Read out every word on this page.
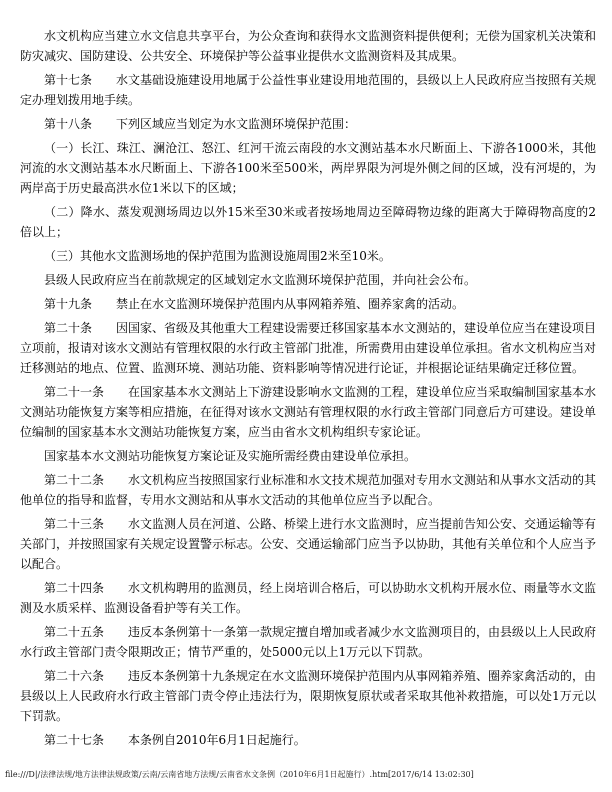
水文机构应当建立水文信息共享平台，为公众查询和获得水文监测资料提供便利；无偿为国家机关决策和防灾减灾、国防建设、公共安全、环境保护等公益事业提供水文监测资料及其成果。

第十七条　　水文基础设施建设用地属于公益性事业建设用地范围的，县级以上人民政府应当按照有关规定办理划拨用地手续。

第十八条　　下列区域应当划定为水文监测环境保护范围：

（一）长江、珠江、澜沧江、怒江、红河干流云南段的水文测站基本水尺断面上、下游各1000米，其他河流的水文测站基本水尺断面上、下游各100米至500米，两岸界限为河堤外侧之间的区域，没有河堤的，为两岸高于历史最高洪水位1米以下的区域；

（二）降水、蒸发观测场周边以外15米至30米或者按场地周边至障碍物边缘的距离大于障碍物高度的2倍以上；

（三）其他水文监测场地的保护范围为监测设施周围2米至10米。

县级人民政府应当在前款规定的区域划定水文监测环境保护范围，并向社会公布。

第十九条　　禁止在水文监测环境保护范围内从事网箱养殖、圈养家禽的活动。

第二十条　　因国家、省级及其他重大工程建设需要迁移国家基本水文测站的，建设单位应当在建设项目立项前，报请对该水文测站有管理权限的水行政主管部门批准，所需费用由建设单位承担。省水文机构应当对迁移测站的地点、位置、监测环境、测站功能、资料影响等情况进行论证，并根据论证结果确定迁移位置。

第二十一条　　在国家基本水文测站上下游建设影响水文监测的工程，建设单位应当采取编制国家基本水文测站功能恢复方案等相应措施，在征得对该水文测站有管理权限的水行政主管部门同意后方可建设。建设单位编制的国家基本水文测站功能恢复方案，应当由省水文机构组织专家论证。

国家基本水文测站功能恢复方案论证及实施所需经费由建设单位承担。

第二十二条　　水文机构应当按照国家行业标准和水文技术规范加强对专用水文测站和从事水文活动的其他单位的指导和监督，专用水文测站和从事水文活动的其他单位应当予以配合。

第二十三条　　水文监测人员在河道、公路、桥梁上进行水文监测时，应当提前告知公安、交通运输等有关部门，并按照国家有关规定设置警示标志。公安、交通运输部门应当予以协助，其他有关单位和个人应当予以配合。

第二十四条　　水文机构聘用的监测员，经上岗培训合格后，可以协助水文机构开展水位、雨量等水文监测及水质采样、监测设备看护等有关工作。

第二十五条　　违反本条例第十一条第一款规定擅自增加或者减少水文监测项目的，由县级以上人民政府水行政主管部门责令限期改正；情节严重的，处5000元以上1万元以下罚款。

第二十六条　　违反本条例第十九条规定在水文监测环境保护范围内从事网箱养殖、圈养家禽活动的，由县级以上人民政府水行政主管部门责令停止违法行为，限期恢复原状或者采取其他补救措施，可以处1万元以下罚款。

第二十七条　　本条例自2010年6月1日起施行。

file:///D|/法律法规/地方法律法规政策/云南/云南省地方法规/云南省水文条例（2010年6月1日起施行）.htm[2017/6/14 13:02:30]
